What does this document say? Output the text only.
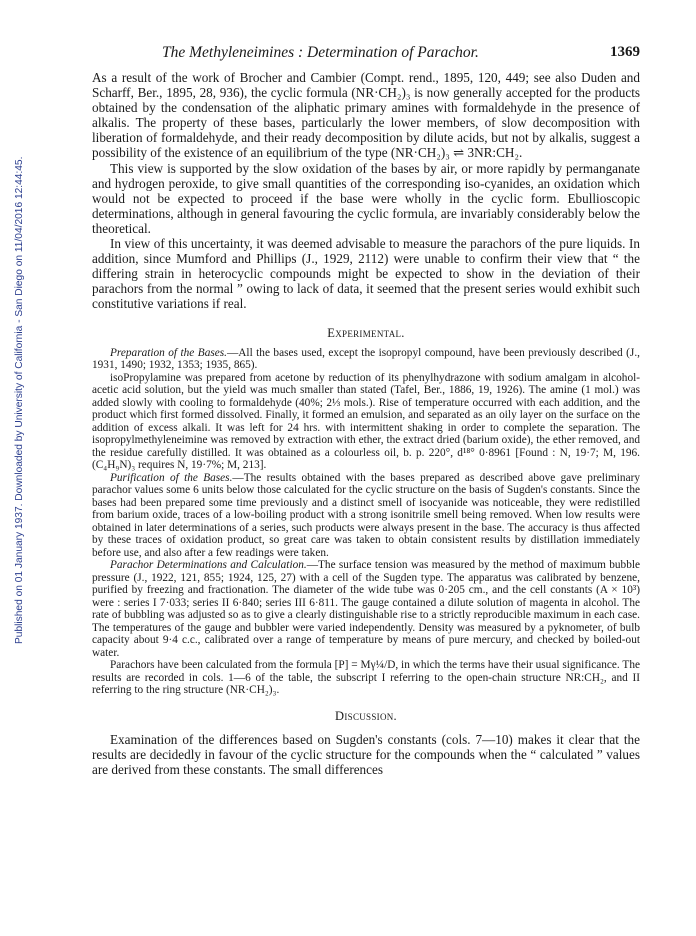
Published on 01 January 1937. Downloaded by University of California - San Diego on 11/04/2016 12:44:45.
The Methyleneimines : Determination of Parachor.	1369

As a result of the work of Brocher and Cambier (Compt. rend., 1895, 120, 449; see also Duden and Scharff, Ber., 1895, 28, 936), the cyclic formula (NR·CH₂)₃ is now generally accepted for the products obtained by the condensation of the aliphatic primary amines with formaldehyde in the presence of alkalis. The property of these bases, particularly the lower members, of slow decomposition with liberation of formaldehyde, and their ready decomposition by dilute acids, but not by alkalis, suggest a possibility of the existence of an equilibrium of the type (NR·CH₂)₃ ⇌ 3NR:CH₂.

This view is supported by the slow oxidation of the bases by air, or more rapidly by permanganate and hydrogen peroxide, to give small quantities of the corresponding iso-cyanides, an oxidation which would not be expected to proceed if the base were wholly in the cyclic form. Ebullioscopic determinations, although in general favouring the cyclic formula, are invariably considerably below the theoretical.

In view of this uncertainty, it was deemed advisable to measure the parachors of the pure liquids. In addition, since Mumford and Phillips (J., 1929, 2112) were unable to confirm their view that “ the differing strain in heterocyclic compounds might be expected to show in the deviation of their parachors from the normal ” owing to lack of data, it seemed that the present series would exhibit such constitutive variations if real.

Experimental.

Preparation of the Bases.—All the bases used, except the isopropyl compound, have been previously described (J., 1931, 1490; 1932, 1353; 1935, 865).

isoPropylamine was prepared from acetone by reduction of its phenylhydrazone with sodium amalgam in alcohol-acetic acid solution, but the yield was much smaller than stated (Tafel, Ber., 1886, 19, 1926). The amine (1 mol.) was added slowly with cooling to formaldehyde (40%; 2⅓ mols.). Rise of temperature occurred with each addition, and the product which first formed dissolved. Finally, it formed an emulsion, and separated as an oily layer on the surface on the addition of excess alkali. It was left for 24 hrs. with intermittent shaking in order to complete the separation. The isopropylmethyleneimine was removed by extraction with ether, the extract dried (barium oxide), the ether removed, and the residue carefully distilled. It was obtained as a colourless oil, b. p. 220°, d¹⁸° 0·8961 [Found : N, 19·7; M, 196. (C₄H₉N)₃ requires N, 19·7%; M, 213].

Purification of the Bases.—The results obtained with the bases prepared as described above gave preliminary parachor values some 6 units below those calculated for the cyclic structure on the basis of Sugden's constants. Since the bases had been prepared some time previously and a distinct smell of isocyanide was noticeable, they were redistilled from barium oxide, traces of a low-boiling product with a strong isonitrile smell being removed. When low results were obtained in later determinations of a series, such products were always present in the base. The accuracy is thus affected by these traces of oxidation product, so great care was taken to obtain consistent results by distillation immediately before use, and also after a few readings were taken.

Parachor Determinations and Calculation.—The surface tension was measured by the method of maximum bubble pressure (J., 1922, 121, 855; 1924, 125, 27) with a cell of the Sugden type. The apparatus was calibrated by benzene, purified by freezing and fractionation. The diameter of the wide tube was 0·205 cm., and the cell constants (A × 10³) were : series I 7·033; series II 6·840; series III 6·811. The gauge contained a dilute solution of magenta in alcohol. The rate of bubbling was adjusted so as to give a clearly distinguishable rise to a strictly reproducible maximum in each case. The temperatures of the gauge and bubbler were varied independently. Density was measured by a pyknometer, of bulb capacity about 9·4 c.c., calibrated over a range of temperature by means of pure mercury, and checked by boiled-out water.

Parachors have been calculated from the formula [P] = Mγ¼/D, in which the terms have their usual significance. The results are recorded in cols. 1—6 of the table, the subscript I referring to the open-chain structure NR:CH₂, and II referring to the ring structure (NR·CH₂)₃.

Discussion.

Examination of the differences based on Sugden's constants (cols. 7—10) makes it clear that the results are decidedly in favour of the cyclic structure for the compounds when the “ calculated ” values are derived from these constants. The small differences
